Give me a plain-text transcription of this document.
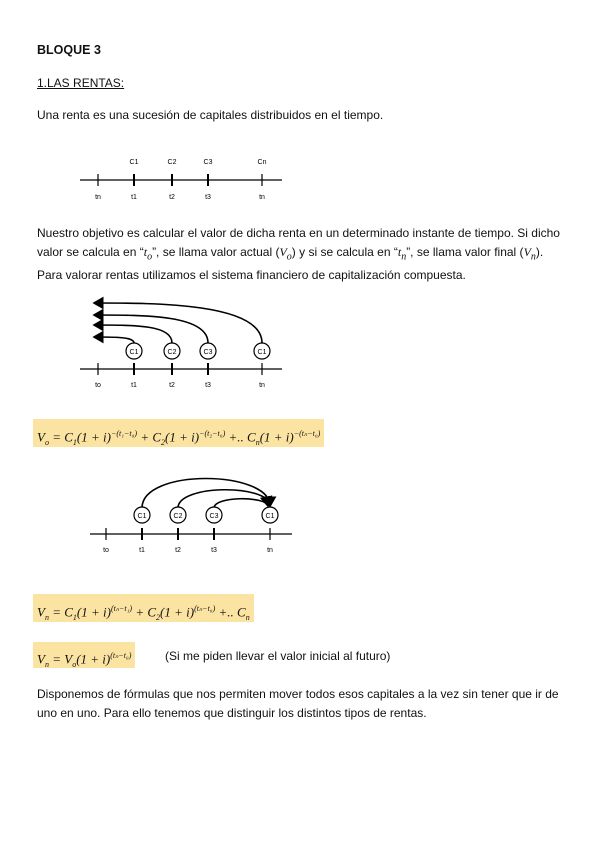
BLOQUE 3
1.LAS RENTAS:
Una renta es una sucesión de capitales distribuidos en el tiempo.
C1	C2	C3	Cn
tn	t1	t2	t3	tn
Nuestro objetivo es calcular el valor de dicha renta en un determinado instante de tiempo. Si dicho
valor se calcula en “$t_o$”, se llama valor actual $(V_o)$ y si se calcula en “$t_n$”, se llama valor final $(V_n)$.
Para valorar rentas utilizamos el sistema financiero de capitalización compuesta.
C1	C2	C3	C1
to	t1	t2	t3	tn
$V_o = C_1(1 + i)^{-(t_1-t_0)} + C_2(1 + i)^{-(t_2-t_0)}$ +.. $C_n(1 + i)^{-(t_n-t_0)}$
C1	C2	C3	C1
to	t1	t2	t3	tn
$V_n = C_1(1 + i)^{(t_n-t_1)} + C_2(1 + i)^{(t_n-t_0)}$ +.. $C_n$
$V_n = V_o(1 + i)^{(t_n-t_0)}$	(Si me piden llevar el valor inicial al futuro)
Disponemos de fórmulas que nos permiten mover todos esos capitales a la vez sin tener que ir de
uno en uno. Para ello tenemos que distinguir los distintos tipos de rentas.
